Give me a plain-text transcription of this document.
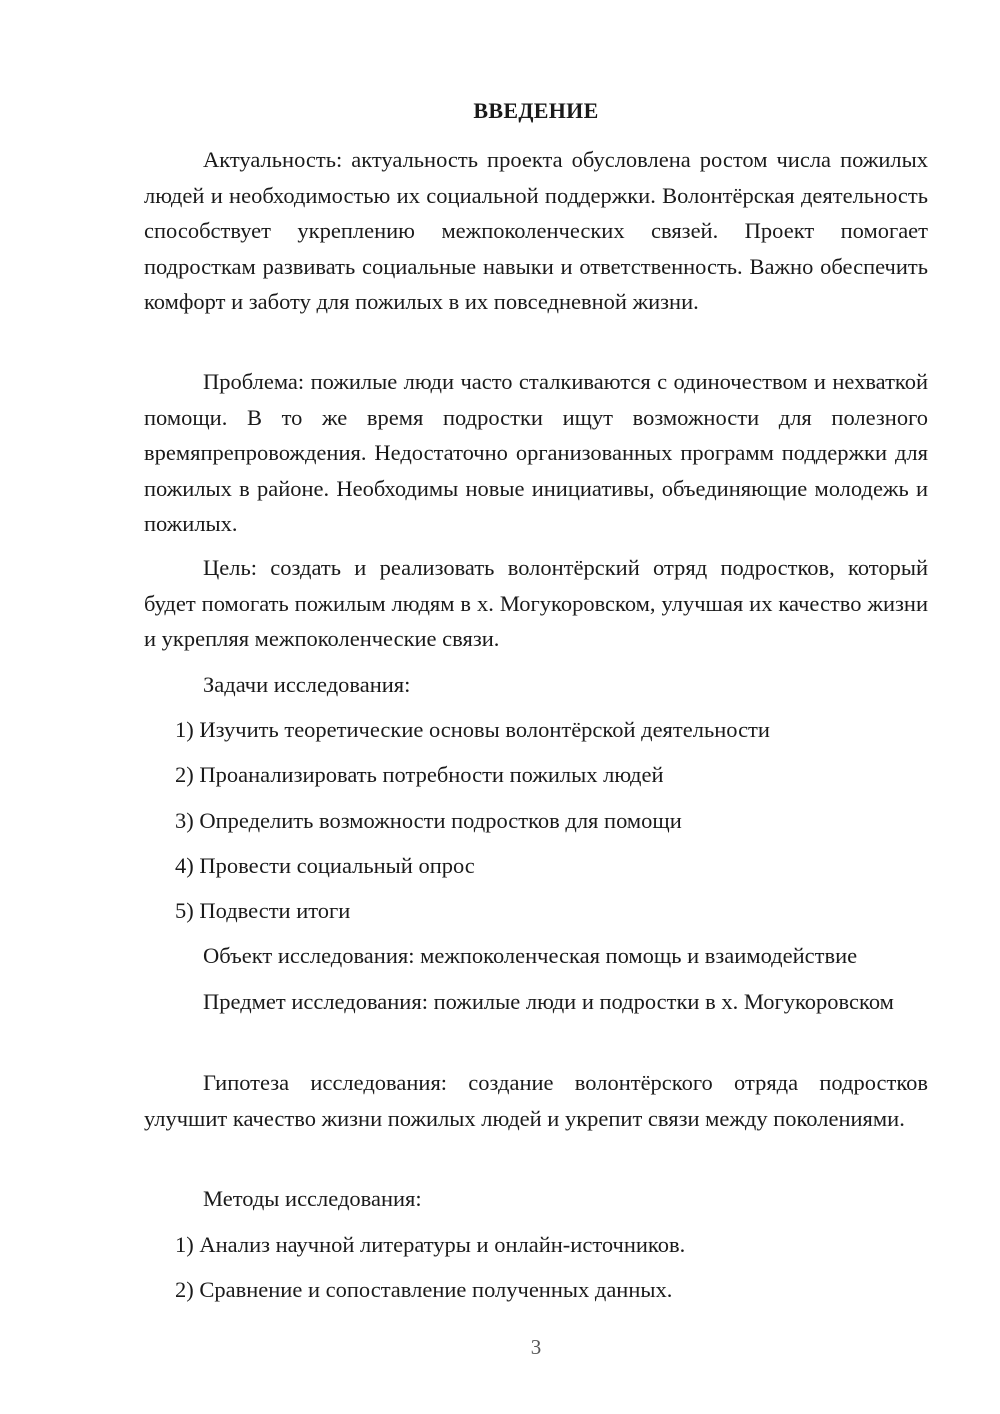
ВВЕДЕНИЕ

Актуальность: актуальность проекта обусловлена ростом числа пожилых людей и необходимостью их социальной поддержки. Волонтёрская деятельность способствует укреплению межпоколенческих связей. Проект помогает подросткам развивать социальные навыки и ответственность. Важно обеспечить комфорт и заботу для пожилых в их повседневной жизни.

Проблема: пожилые люди часто сталкиваются с одиночеством и нехваткой помощи. В то же время подростки ищут возможности для полезного времяпрепровождения. Недостаточно организованных программ поддержки для пожилых в районе. Необходимы новые инициативы, объединяющие молодежь и пожилых.

Цель: создать и реализовать волонтёрский отряд подростков, который будет помогать пожилым людям в х. Могукоровском, улучшая их качество жизни и укрепляя межпоколенческие связи.

Задачи исследования:

1) Изучить теоретические основы волонтёрской деятельности

2) Проанализировать потребности пожилых людей

3) Определить возможности подростков для помощи

4) Провести социальный опрос

5) Подвести итоги

Объект исследования: межпоколенческая помощь и взаимодействие

Предмет исследования: пожилые люди и подростки в х. Могукоровском

Гипотеза исследования: создание волонтёрского отряда подростков улучшит качество жизни пожилых людей и укрепит связи между поколениями.

Методы исследования:

1) Анализ научной литературы и онлайн-источников.

2) Сравнение и сопоставление полученных данных.

3
